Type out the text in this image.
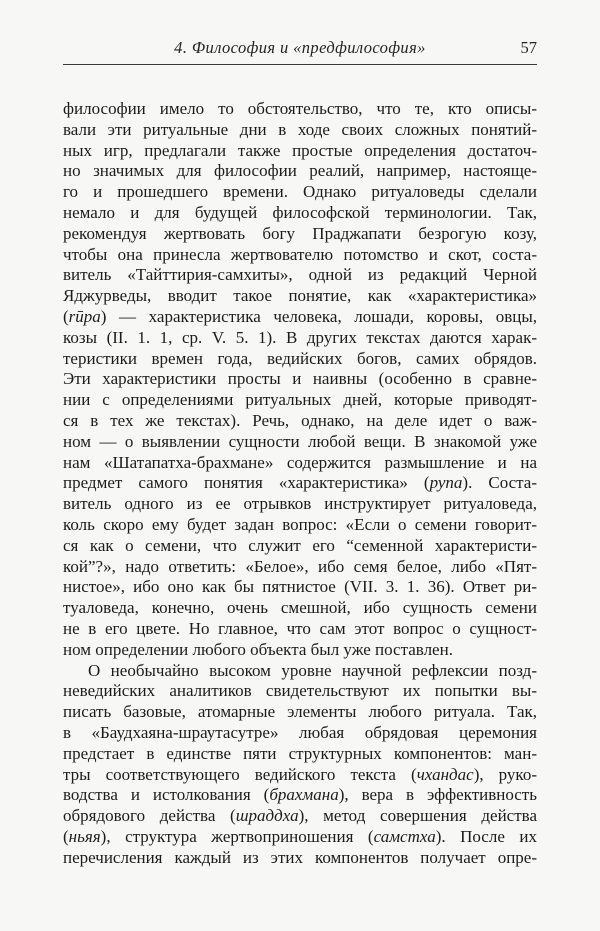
4. Философия и «предфилософия»	57
философии имело то обстоятельство, что те, кто описы-
вали эти ритуальные дни в ходе своих сложных понятий-
ных игр, предлагали также простые определения достаточ-
но значимых для философии реалий, например, настояще-
го и прошедшего времени. Однако ритуаловеды сделали
немало и для будущей философской терминологии. Так,
рекомендуя жертвовать богу Праджапати безрогую козу,
чтобы она принесла жертвователю потомство и скот, соста-
витель «Тайттирия-самхиты», одной из редакций Черной
Яджурведы, вводит такое понятие, как «характеристика»
(rūpa) — характеристика человека, лошади, коровы, овцы,
козы (II. 1. 1, ср. V. 5. 1). В других текстах даются харак-
теристики времен года, ведийских богов, самих обрядов.
Эти характеристики просты и наивны (особенно в сравне-
нии с определениями ритуальных дней, которые приводят-
ся в тех же текстах). Речь, однако, на деле идет о важ-
ном — о выявлении сущности любой вещи. В знакомой уже
нам «Шатапатха-брахмане» содержится размышление и на
предмет самого понятия «характеристика» (рупа). Соста-
витель одного из ее отрывков инструктирует ритуаловеда,
коль скоро ему будет задан вопрос: «Если о семени говорит-
ся как о семени, что служит его “семенной характеристи-
кой”?», надо ответить: «Белое», ибо семя белое, либо «Пят-
нистое», ибо оно как бы пятнистое (VII. 3. 1. 36). Ответ ри-
туаловеда, конечно, очень смешной, ибо сущность семени
не в его цвете. Но главное, что сам этот вопрос о сущност-
ном определении любого объекта был уже поставлен.
О необычайно высоком уровне научной рефлексии позд-
неведийских аналитиков свидетельствуют их попытки вы-
писать базовые, атомарные элементы любого ритуала. Так,
в «Баудхаяна-шраутасутре» любая обрядовая церемония
предстает в единстве пяти структурных компонентов: ман-
тры соответствующего ведийского текста (чхандас), руко-
водства и истолкования (брахмана), вера в эффективность
обрядового действа (шраддха), метод совершения действа
(ньяя), структура жертвоприношения (самстха). После их
перечисления каждый из этих компонентов получает опре-
